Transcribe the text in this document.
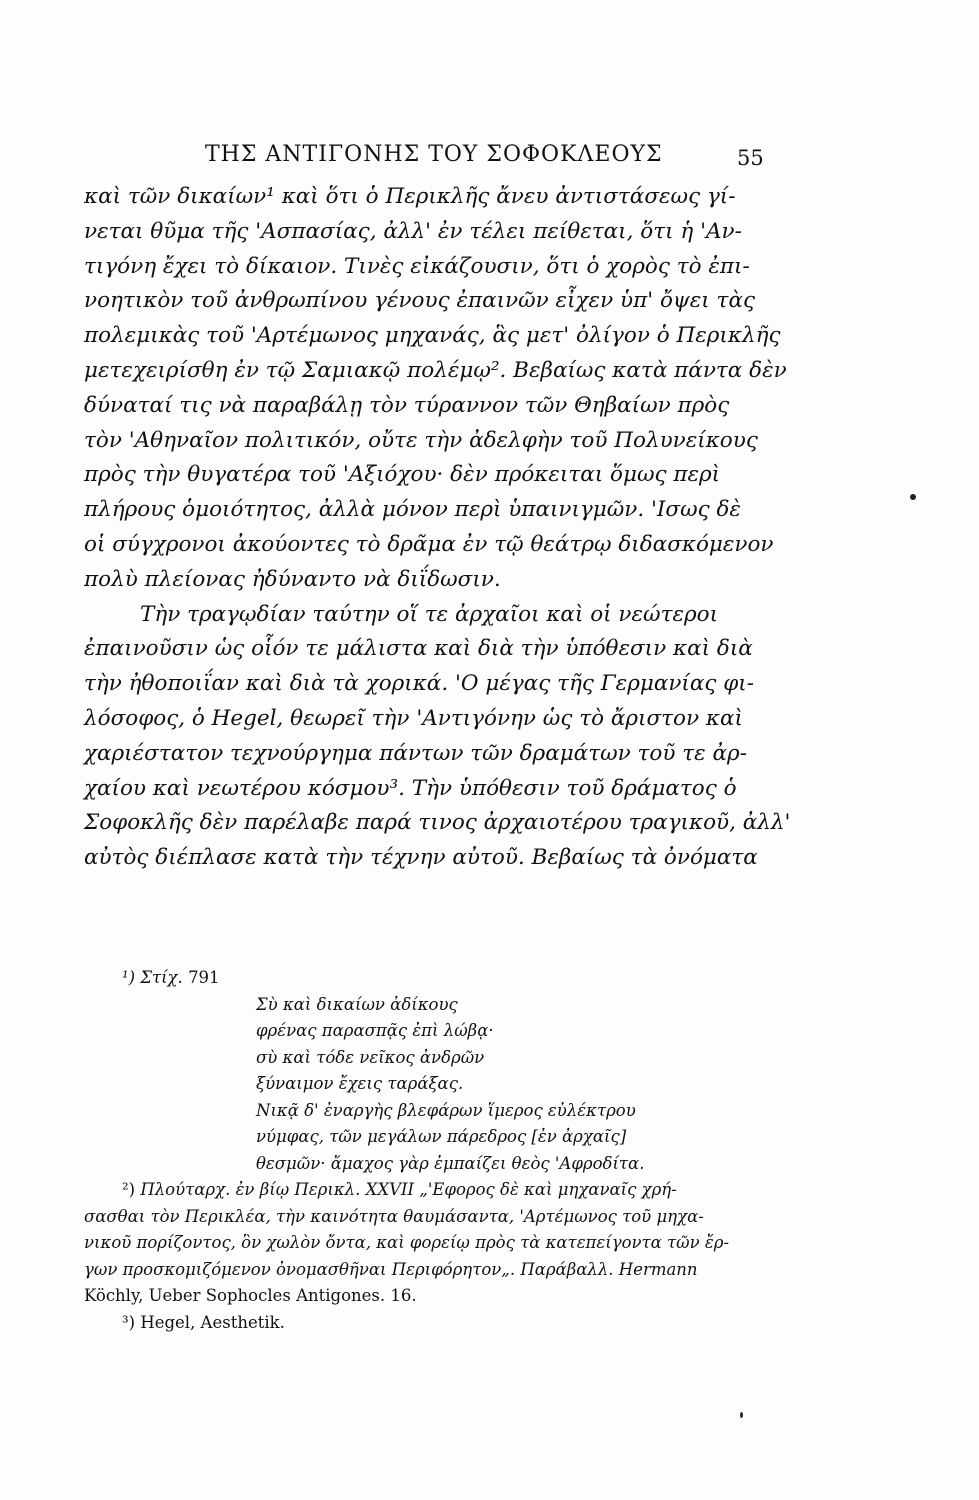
ΤΗΣ ΑΝΤΙΓΟΝΗΣ ΤΟΥ ΣΟΦΟΚΛΕΟΥΣ	55
καὶ τῶν δικαίων¹ καὶ ὅτι ὁ Περικλῆς ἄνευ ἀντιστάσεως γί-
νεται θῦμα τῆς 'Ασπασίας, ἀλλ' ἐν τέλει πείθεται, ὅτι ἡ 'Αν-
τιγόνη ἔχει τὸ δίκαιον. Τινὲς εἰκάζουσιν, ὅτι ὁ χορὸς τὸ ἐπι-
νοητικὸν τοῦ ἀνθρωπίνου γένους ἐπαινῶν εἶχεν ὑπ' ὄψει τὰς
πολεμικὰς τοῦ 'Αρτέμωνος μηχανάς, ἃς μετ' ὀλίγον ὁ Περικλῆς
μετεχειρίσθη ἐν τῷ Σαμιακῷ πολέμῳ². Βεβαίως κατὰ πάντα δὲν
δύναταί τις νὰ παραβάλῃ τὸν τύραννον τῶν Θηβαίων πρὸς
τὸν 'Αθηναῖον πολιτικόν, οὔτε τὴν ἀδελφὴν τοῦ Πολυνείκους
πρὸς τὴν θυγατέρα τοῦ 'Αξιόχου· δὲν πρόκειται ὅμως περὶ
πλήρους ὁμοιότητος, ἀλλὰ μόνον περὶ ὑπαινιγμῶν. 'Ισως δὲ
οἱ σύγχρονοι ἀκούοντες τὸ δρᾶμα ἐν τῷ θεάτρῳ διδασκόμενον
πολὺ πλείονας ἠδύναντο νὰ διΐδωσιν.
Τὴν τραγῳδίαν ταύτην οἵ τε ἀρχαῖοι καὶ οἱ νεώτεροι
ἐπαινοῦσιν ὡς οἷόν τε μάλιστα καὶ διὰ τὴν ὑπόθεσιν καὶ διὰ
τὴν ἠθοποιΐαν καὶ διὰ τὰ χορικά. 'Ο μέγας τῆς Γερμανίας φι-
λόσοφος, ὁ Hegel, θεωρεῖ τὴν 'Αντιγόνην ὡς τὸ ἄριστον καὶ
χαριέστατον τεχνούργημα πάντων τῶν δραμάτων τοῦ τε ἀρ-
χαίου καὶ νεωτέρου κόσμου³. Τὴν ὑπόθεσιν τοῦ δράματος ὁ
Σοφοκλῆς δὲν παρέλαβε παρά τινος ἀρχαιοτέρου τραγικοῦ, ἀλλ'
αὐτὸς διέπλασε κατὰ τὴν τέχνην αὐτοῦ. Βεβαίως τὰ ὀνόματα
¹) Στίχ. 791
Σὺ καὶ δικαίων ἀδίκους
φρένας παρασπᾷς ἐπὶ λώβᾳ·
σὺ καὶ τόδε νεῖκος ἀνδρῶν
ξύναιμον ἔχεις ταράξας.
Νικᾷ δ' ἐναργὴς βλεφάρων ἵμερος εὐλέκτρου
νύμφας, τῶν μεγάλων πάρεδρος [ἐν ἀρχαῖς]
θεσμῶν· ἄμαχος γὰρ ἐμπαίζει θεὸς 'Αφροδίτα.
²) Πλούταρχ. ἐν βίῳ Περικλ. XXVII „'Εφορος δὲ καὶ μηχαναῖς χρή-
σασθαι τὸν Περικλέα, τὴν καινότητα θαυμάσαντα, 'Αρτέμωνος τοῦ μηχα-
νικοῦ πορίζοντος, ὃν χωλὸν ὄντα, καὶ φορείῳ πρὸς τὰ κατεπείγοντα τῶν ἔρ-
γων προσκομιζόμενον ὀνομασθῆναι Περιφόρητον„. Παράβαλλ. Hermann
Köchly, Ueber Sophocles Antigones. 16.
³) Hegel, Aesthetik.
